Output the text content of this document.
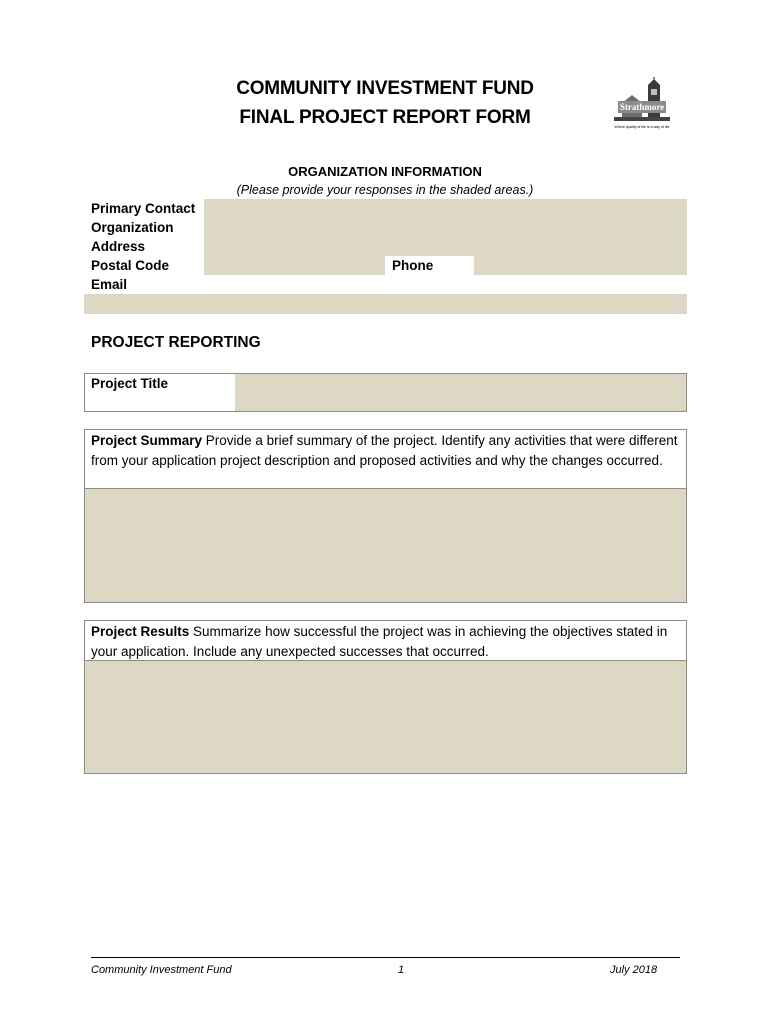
COMMUNITY INVESTMENT FUND
FINAL PROJECT REPORT FORM	Strathmore
Where quality of life is a way of life
ORGANIZATION INFORMATION
(Please provide your responses in the shaded areas.)
Primary Contact
Organization
Address
Postal Code	Phone
Email
PROJECT REPORTING
Project Title
Project Summary Provide a brief summary of the project. Identify any activities that were different from your application project description and proposed activities and why the changes occurred.
Project Results Summarize how successful the project was in achieving the objectives stated in your application. Include any unexpected successes that occurred.
Community Investment Fund	1	July 2018
